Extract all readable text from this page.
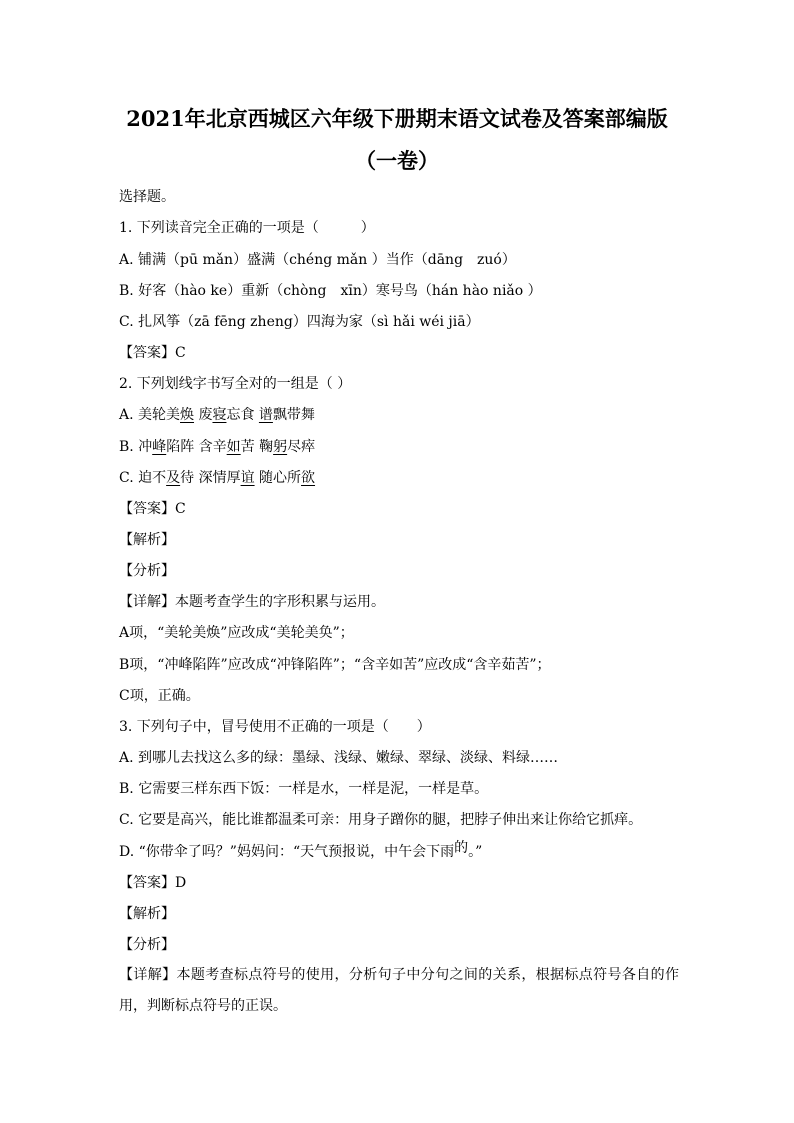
2021年北京西城区六年级下册期末语文试卷及答案部编版
（一卷）
选择题。
1. 下列读音完全正确的一项是（　　　）
A. 铺满（pū mǎn）盛满（chéng mǎn ）当作（dāng　zuó）
B. 好客（hào ke）重新（chòng　xīn）寒号鸟（hán hào niǎo ）
C. 扎风筝（zā fēng zheng）四海为家（sì hǎi wéi jiā）
【答案】C
2. 下列划线字书写全对的一组是（ ）
A. 美轮美焕 废寝忘食 谱飘带舞
B. 冲峰陷阵 含辛如苦 鞠躬尽瘁
C. 迫不及待 深情厚谊 随心所欲
【答案】C
【解析】
【分析】
【详解】本题考查学生的字形积累与运用。
A项，“美轮美焕”应改成“美轮美奂”；
B项，“冲峰陷阵”应改成“冲锋陷阵”；“含辛如苦”应改成“含辛茹苦”；
C项，正确。
3. 下列句子中，冒号使用不正确的一项是（　　）
A. 到哪儿去找这么多的绿：墨绿、浅绿、嫩绿、翠绿、淡绿、料绿……
B. 它需要三样东西下饭：一样是水，一样是泥，一样是草。
C. 它要是高兴，能比谁都温柔可亲：用身子蹭你的腿，把脖子伸出来让你给它抓痒。
D. “你带伞了吗？”妈妈问：“天气预报说，中午会下雨的。”
【答案】D
【解析】
【分析】
【详解】本题考查标点符号的使用，分析句子中分句之间的关系，根据标点符号各自的作用，判断标点符号的正误。
